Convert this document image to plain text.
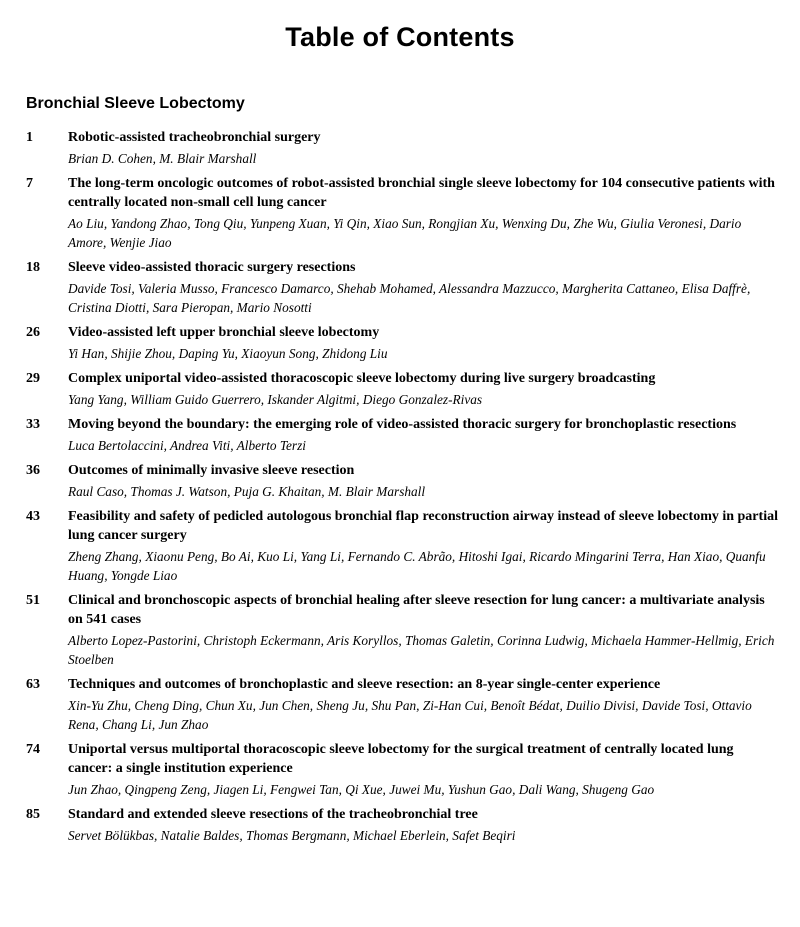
Table of Contents
Bronchial Sleeve Lobectomy
1	Robotic-assisted tracheobronchial surgery
Brian D. Cohen, M. Blair Marshall
7	The long-term oncologic outcomes of robot-assisted bronchial single sleeve lobectomy for 104 consecutive patients with centrally located non-small cell lung cancer
Ao Liu, Yandong Zhao, Tong Qiu, Yunpeng Xuan, Yi Qin, Xiao Sun, Rongjian Xu, Wenxing Du, Zhe Wu, Giulia Veronesi, Dario Amore, Wenjie Jiao
18 Sleeve video-assisted thoracic surgery resections
Davide Tosi, Valeria Musso, Francesco Damarco, Shehab Mohamed, Alessandra Mazzucco, Margherita Cattaneo, Elisa Daffrè, Cristina Diotti, Sara Pieropan, Mario Nosotti
26 Video-assisted left upper bronchial sleeve lobectomy
Yi Han, Shijie Zhou, Daping Yu, Xiaoyun Song, Zhidong Liu
29 Complex uniportal video-assisted thoracoscopic sleeve lobectomy during live surgery broadcasting
Yang Yang, William Guido Guerrero, Iskander Algitmi, Diego Gonzalez-Rivas
33 Moving beyond the boundary: the emerging role of video-assisted thoracic surgery for bronchoplastic resections
Luca Bertolaccini, Andrea Viti, Alberto Terzi
36 Outcomes of minimally invasive sleeve resection
Raul Caso, Thomas J. Watson, Puja G. Khaitan, M. Blair Marshall
43 Feasibility and safety of pedicled autologous bronchial flap reconstruction airway instead of sleeve lobectomy in partial lung cancer surgery
Zheng Zhang, Xiaonu Peng, Bo Ai, Kuo Li, Yang Li, Fernando C. Abrão, Hitoshi Igai, Ricardo Mingarini Terra, Han Xiao, Quanfu Huang, Yongde Liao
51 Clinical and bronchoscopic aspects of bronchial healing after sleeve resection for lung cancer: a multivariate analysis on 541 cases
Alberto Lopez-Pastorini, Christoph Eckermann, Aris Koryllos, Thomas Galetin, Corinna Ludwig, Michaela Hammer-Hellmig, Erich Stoelben
63 Techniques and outcomes of bronchoplastic and sleeve resection: an 8-year single-center experience
Xin-Yu Zhu, Cheng Ding, Chun Xu, Jun Chen, Sheng Ju, Shu Pan, Zi-Han Cui, Benoît Bédat, Duilio Divisi, Davide Tosi, Ottavio Rena, Chang Li, Jun Zhao
74 Uniportal versus multiportal thoracoscopic sleeve lobectomy for the surgical treatment of centrally located lung cancer: a single institution experience
Jun Zhao, Qingpeng Zeng, Jiagen Li, Fengwei Tan, Qi Xue, Juwei Mu, Yushun Gao, Dali Wang, Shugeng Gao
85 Standard and extended sleeve resections of the tracheobronchial tree
Servet Bölükbas, Natalie Baldes, Thomas Bergmann, Michael Eberlein, Safet Beqiri
